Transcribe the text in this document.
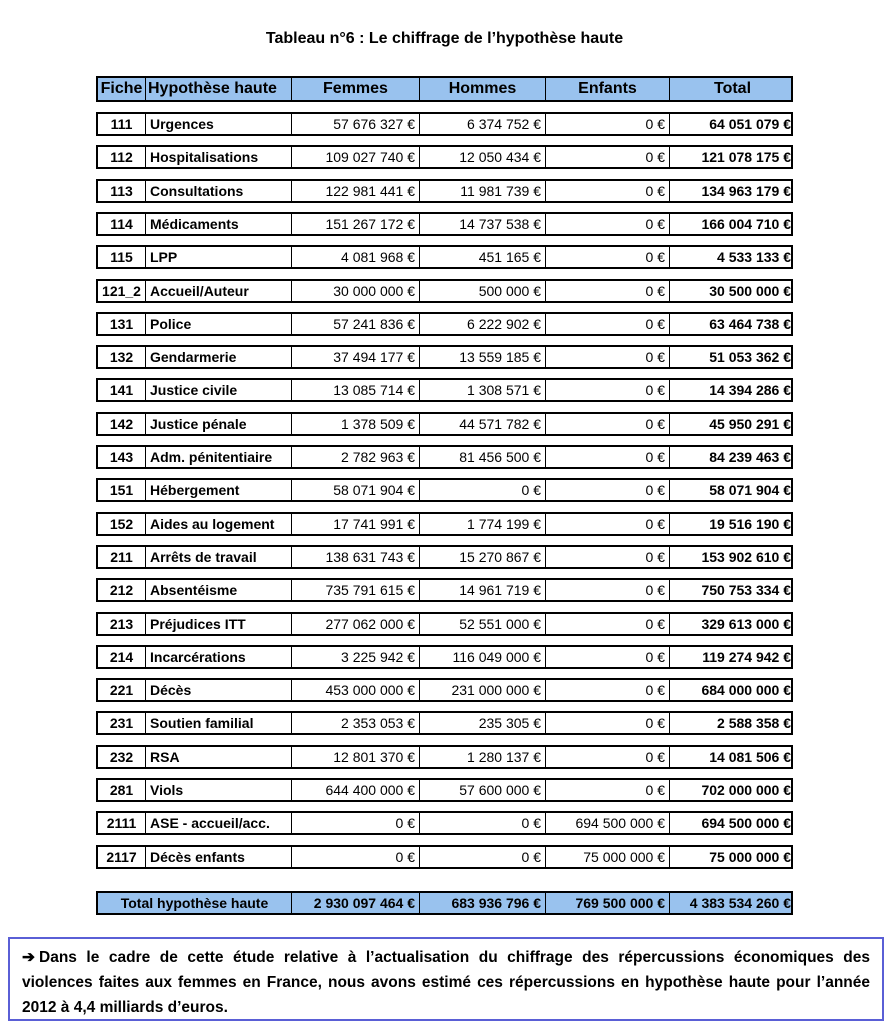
Tableau n°6 : Le chiffrage de l’hypothèse haute
Fiche Hypothèse haute	Femmes	Hommes	Enfants	Total
111	Urgences	57 676 327 €	6 374 752 €	0 €	64 051 079 €
112	Hospitalisations	109 027 740 €	12 050 434 €	0 €	121 078 175 €
113	Consultations	122 981 441 €	11 981 739 €	0 €	134 963 179 €
114	Médicaments	151 267 172 €	14 737 538 €	0 €	166 004 710 €
115	LPP	4 081 968 €	451 165 €	0 €	4 533 133 €
121_2 Accueil/Auteur	30 000 000 €	500 000 €	0 €	30 500 000 €
131	Police	57 241 836 €	6 222 902 €	0 €	63 464 738 €
132	Gendarmerie	37 494 177 €	13 559 185 €	0 €	51 053 362 €
141	Justice civile	13 085 714 €	1 308 571 €	0 €	14 394 286 €
142	Justice pénale	1 378 509 €	44 571 782 €	0 €	45 950 291 €
143	Adm. pénitentiaire	2 782 963 €	81 456 500 €	0 €	84 239 463 €
151	Hébergement	58 071 904 €	0 €	0 €	58 071 904 €
152	Aides au logement	17 741 991 €	1 774 199 €	0 €	19 516 190 €
211	Arrêts de travail	138 631 743 €	15 270 867 €	0 €	153 902 610 €
212	Absentéisme	735 791 615 €	14 961 719 €	0 €	750 753 334 €
213	Préjudices ITT	277 062 000 €	52 551 000 €	0 €	329 613 000 €
214	Incarcérations	3 225 942 €	116 049 000 €	0 €	119 274 942 €
221	Décès	453 000 000 €	231 000 000 €	0 €	684 000 000 €
231	Soutien familial	2 353 053 €	235 305 €	0 €	2 588 358 €
232	RSA	12 801 370 €	1 280 137 €	0 €	14 081 506 €
281	Viols	644 400 000 €	57 600 000 €	0 €	702 000 000 €
2111 ASE - accueil/acc.	0 €	0 €	694 500 000 €	694 500 000 €
2117 Décès enfants	0 €	0 €	75 000 000 €	75 000 000 €
Total hypothèse haute	2 930 097 464 €	683 936 796 €	769 500 000 €	4 383 534 260 €
➔ Dans le cadre de cette étude relative à l’actualisation du chiffrage des répercussions économiques des violences faites aux femmes en France, nous avons estimé ces répercussions en hypothèse haute pour l’année 2012 à 4,4 milliards d’euros.
